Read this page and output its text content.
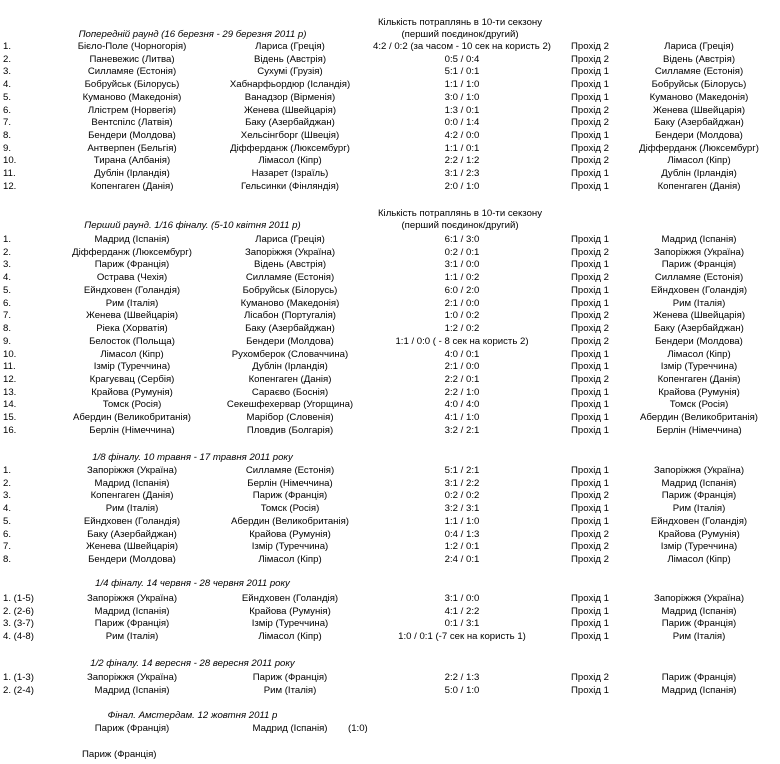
Попередній раунд (16 березня - 29 березня 2011 р)
Кількість потраплянь в 10-ти секзону
(перший поєдинок/другий)
1.	Бієло-Поле (Чорногорія)	Лариса (Греція)	4:2 / 0:2 (за часом - 10 сек на користь 2)	Прохід 2	Лариса (Греція)
2.	Паневежис (Литва)	Відень (Австрія)	0:5 / 0:4	Прохід 2	Відень (Австрія)
3.	Силламяе (Естонія)	Сухумі (Грузія)	5:1 / 0:1	Прохід 1	Силламяе (Естонія)
4.	Бобруйськ (Білорусь)	Хабнарфьордюр (Ісландія)	1:1 / 1:0	Прохід 1	Бобруйськ (Білорусь)
5.	Куманово (Македонія)	Ванадзор (Вірменія)	3:0 / 1:0	Прохід 1	Куманово (Македонія)
6.	Ллістрем (Норвегія)	Женева (Швейцарія)	1:3 / 0:1	Прохід 2	Женева (Швейцарія)
7.	Вентспілс (Латвія)	Баку (Азербайджан)	0:0 / 1:4	Прохід 2	Баку (Азербайджан)
8.	Бендери (Молдова)	Хельсінгборг (Швеція)	4:2 / 0:0	Прохід 1	Бендери (Молдова)
9.	Антверпен (Бельгія)	Діфферданж (Люксембург)	1:1 / 0:1	Прохід 2	Діфферданж (Люксембург)
10.	Тирана (Албанія)	Лімасол (Кіпр)	2:2 / 1:2	Прохід 2	Лімасол (Кіпр)
11.	Дублін (Ірландія)	Назарет (Ізраїль)	3:1 / 2:3	Прохід 1	Дублін (Ірландія)
12.	Копенгаген (Данія)	Гельсинки (Фінляндія)	2:0 / 1:0	Прохід 1	Копенгаген (Данія)
Перший раунд. 1/16 фіналу. (5-10 квітня 2011 р)
Кількість потраплянь в 10-ти секзону
(перший поєдинок/другий)
1.	Мадрид (Іспанія)	Лариса (Греція)	6:1 / 3:0	Прохід 1	Мадрид (Іспанія)
2.	Діфферданж (Люксембург)	Запоріжжя (Україна)	0:2 / 0:1	Прохід 2	Запоріжжя (Україна)
3.	Париж (Франція)	Відень (Австрія)	3:1 / 0:0	Прохід 1	Париж (Франція)
4.	Острава (Чехія)	Силламяе (Естонія)	1:1 / 0:2	Прохід 2	Силламяе (Естонія)
5.	Ейндховен (Голандія)	Бобруйськ (Білорусь)	6:0 / 2:0	Прохід 1	Ейндховен (Голандія)
6.	Рим (Італія)	Куманово (Македонія)	2:1 / 0:0	Прохід 1	Рим (Італія)
7.	Женева (Швейцарія)	Лісабон (Португалія)	1:0 / 0:2	Прохід 2	Женева (Швейцарія)
8.	Ріека (Хорватія)	Баку (Азербайджан)	1:2 / 0:2	Прохід 2	Баку (Азербайджан)
9.	Белосток (Польща)	Бендери (Молдова)	1:1 / 0:0 ( - 8 сек на користь 2)	Прохід 2	Бендери (Молдова)
10.	Лімасол (Кіпр)	Рухомберок (Словаччина)	4:0 / 0:1	Прохід 1	Лімасол (Кіпр)
11.	Ізмір (Туреччина)	Дублін (Ірландія)	2:1 / 0:0	Прохід 1	Ізмір (Туреччина)
12.	Крагуєвац (Сербія)	Копенгаген (Данія)	2:2 / 0:1	Прохід 2	Копенгаген (Данія)
13.	Крайова (Румунія)	Сарaєво (Боснія)	2:2 / 1:0	Прохід 1	Крайова (Румунія)
14.	Томск (Росія)	Секешфехервар (Угорщина)	4:0 / 4:0	Прохід 1	Томск (Росія)
15.	Абердин (Великобританія)	Марібор (Словенія)	4:1 / 1:0	Прохід 1	Абердин (Великобританія)
16.	Берлін (Німеччина)	Пловдив (Болгарія)	3:2 / 2:1	Прохід 1	Берлін (Німеччина)
1/8 фіналу. 10 травня - 17 травня 2011 року
1.	Запоріжжя (Україна)	Силламяе (Естонія)	5:1 / 2:1	Прохід 1	Запоріжжя (Україна)
2.	Мадрид (Іспанія)	Берлін (Німеччина)	3:1 / 2:2	Прохід 1	Мадрид (Іспанія)
3.	Копенгаген (Данія)	Париж (Франція)	0:2 / 0:2	Прохід 2	Париж (Франція)
4.	Рим (Італія)	Томск (Росія)	3:2 / 3:1	Прохід 1	Рим (Італія)
5.	Ейндховен (Голандія)	Абердин (Великобританія)	1:1 / 1:0	Прохід 1	Ейндховен (Голандія)
6.	Баку (Азербайджан)	Крайова (Румунія)	0:4 / 1:3	Прохід 2	Крайова (Румунія)
7.	Женева (Швейцарія)	Ізмір (Туреччина)	1:2 / 0:1	Прохід 2	Ізмір (Туреччина)
8.	Бендери (Молдова)	Лімасол (Кіпр)	2:4 / 0:1	Прохід 2	Лімасол (Кіпр)
1/4 фіналу. 14 червня - 28 червня 2011 року
1. (1-5)	Запоріжжя (Україна)	Ейндховен (Голандія)	3:1 / 0:0	Прохід 1	Запоріжжя (Україна)
2. (2-6)	Мадрид (Іспанія)	Крайова (Румунія)	4:1 / 2:2	Прохід 1	Мадрид (Іспанія)
3. (3-7)	Париж (Франція)	Ізмір (Туреччина)	0:1 / 3:1	Прохід 1	Париж (Франція)
4. (4-8)	Рим (Італія)	Лімасол (Кіпр)	1:0 / 0:1 (-7 сек на користь 1)	Прохід 1	Рим (Італія)
1/2 фіналу. 14 вересня - 28 вересня 2011 року
1. (1-3)	Запоріжжя (Україна)	Париж (Франція)	2:2 / 1:3	Прохід 2	Париж (Франція)
2. (2-4)	Мадрид (Іспанія)	Рим (Італія)	5:0 / 1:0	Прохід 1	Мадрид (Іспанія)
Фінал. Амстердам. 12 жовтня 2011 р
Париж (Франція)	Мадрид (Іспанія)	(1:0)
Париж (Франція)
